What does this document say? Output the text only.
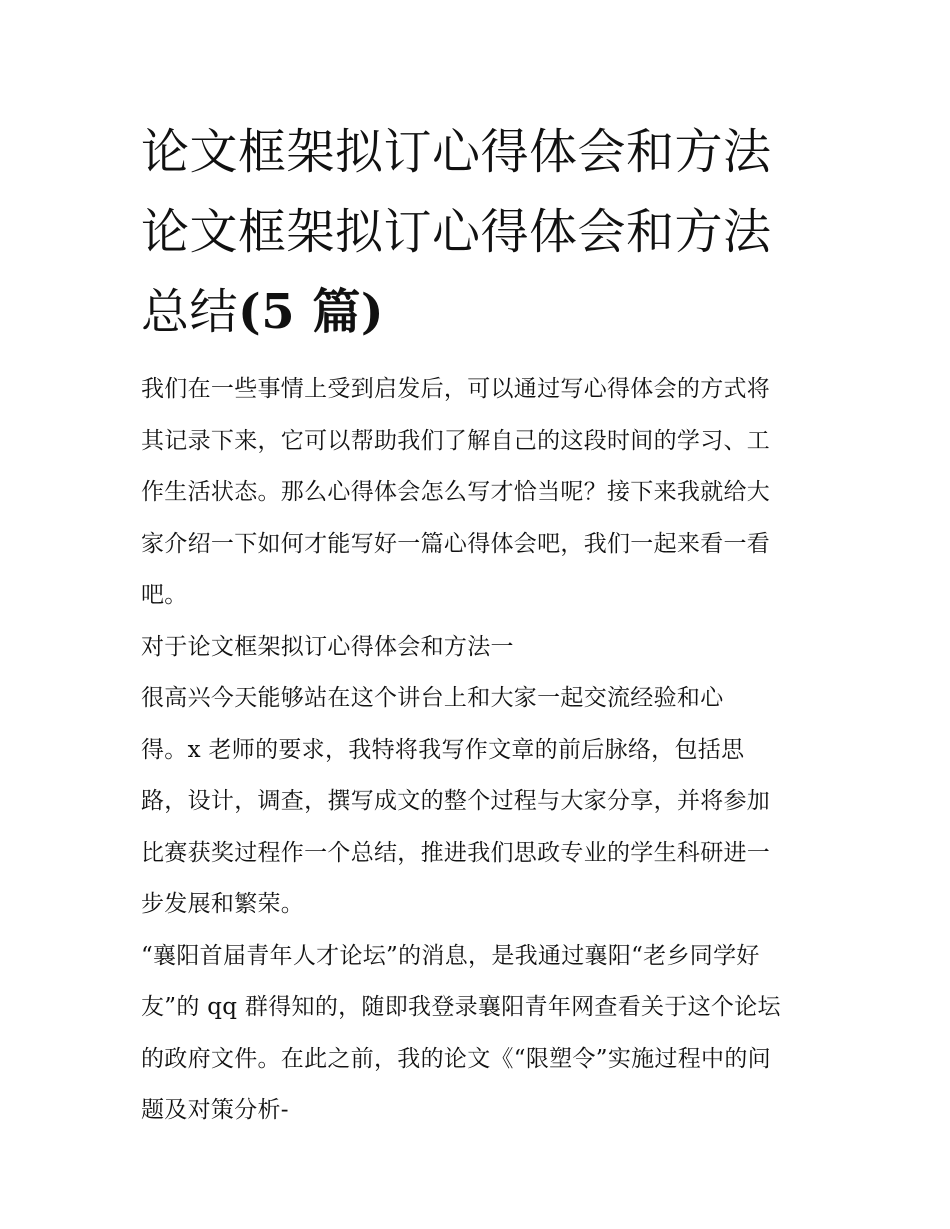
论文框架拟订心得体会和方法
论文框架拟订心得体会和方法
总结(5 篇)

我们在一些事情上受到启发后，可以通过写心得体会的方式将
其记录下来，它可以帮助我们了解自己的这段时间的学习、工
作生活状态。那么心得体会怎么写才恰当呢？接下来我就给大
家介绍一下如何才能写好一篇心得体会吧，我们一起来看一看
吧。

对于论文框架拟订心得体会和方法一

很高兴今天能够站在这个讲台上和大家一起交流经验和心
得。x 老师的要求，我特将我写作文章的前后脉络，包括思
路，设计，调查，撰写成文的整个过程与大家分享，并将参加
比赛获奖过程作一个总结，推进我们思政专业的学生科研进一
步发展和繁荣。

“襄阳首届青年人才论坛”的消息，是我通过襄阳“老乡同学好
友”的 qq 群得知的，随即我登录襄阳青年网查看关于这个论坛
的政府文件。在此之前，我的论文《“限塑令”实施过程中的问
题及对策分析-
